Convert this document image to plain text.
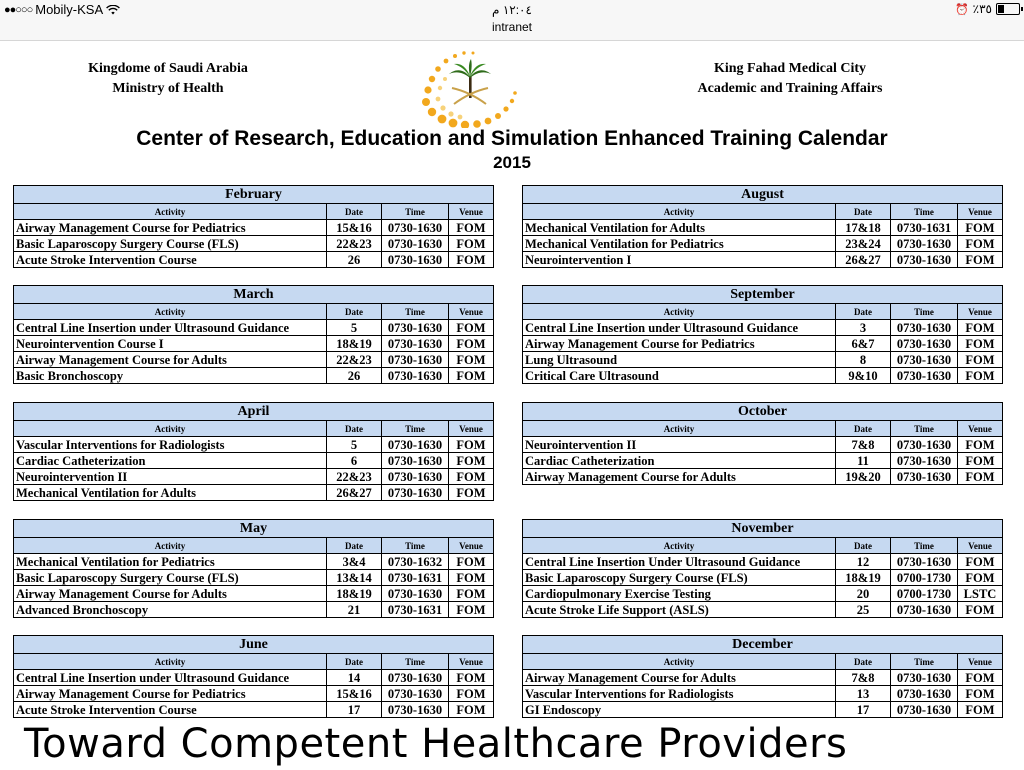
●●○○○ Mobily-KSA	١٢:٠٤ م
intranet
⏰ ٪٣٥
Kingdome of Saudi Arabia
Ministry of Health
King Fahad Medical City
Academic and Training Affairs
Center of Research, Education and Simulation Enhanced Training Calendar
2015
February			
Activity	Date	Time	Venue
Airway Management Course for Pediatrics	15&16	0730-1630	FOM
Basic Laparoscopy Surgery Course (FLS)	22&23	0730-1630	FOM
Acute Stroke Intervention Course	26	0730-1630	FOM
August			
Activity	Date	Time	Venue
Mechanical Ventilation for Adults	17&18	0730-1631	FOM
Mechanical Ventilation for Pediatrics	23&24	0730-1630	FOM
Neurointervention I	26&27	0730-1630	FOM
March			
Activity	Date	Time	Venue
Central Line Insertion under Ultrasound Guidance	5	0730-1630	FOM
Neurointervention Course I	18&19	0730-1630	FOM
Airway Management Course for Adults	22&23	0730-1630	FOM
Basic Bronchoscopy	26	0730-1630	FOM
September			
Activity	Date	Time	Venue
Central Line Insertion under Ultrasound Guidance	3	0730-1630	FOM
Airway Management Course for Pediatrics	6&7	0730-1630	FOM
Lung Ultrasound	8	0730-1630	FOM
Critical Care Ultrasound	9&10	0730-1630	FOM
April			
Activity	Date	Time	Venue
Vascular Interventions for Radiologists	5	0730-1630	FOM
Cardiac Catheterization	6	0730-1630	FOM
Neurointervention II	22&23	0730-1630	FOM
Mechanical Ventilation for Adults	26&27	0730-1630	FOM
October			
Activity	Date	Time	Venue
Neurointervention II	7&8	0730-1630	FOM
Cardiac Catheterization	11	0730-1630	FOM
Airway Management Course for Adults	19&20	0730-1630	FOM
May			
Activity	Date	Time	Venue
Mechanical Ventilation for Pediatrics	3&4	0730-1632	FOM
Basic Laparoscopy Surgery Course (FLS)	13&14	0730-1631	FOM
Airway Management Course for Adults	18&19	0730-1630	FOM
Advanced Bronchoscopy	21	0730-1631	FOM
November			
Activity	Date	Time	Venue
Central Line Insertion Under Ultrasound Guidance	12	0730-1630	FOM
Basic Laparoscopy Surgery Course (FLS)	18&19	0700-1730	FOM
Cardiopulmonary Exercise Testing	20	0700-1730	LSTC
Acute Stroke Life Support (ASLS)	25	0730-1630	FOM
June			
Activity	Date	Time	Venue
Central Line Insertion under Ultrasound Guidance	14	0730-1630	FOM
Airway Management Course for Pediatrics	15&16	0730-1630	FOM
Acute Stroke Intervention Course	17	0730-1630	FOM
December			
Activity	Date	Time	Venue
Airway Management Course for Adults	7&8	0730-1630	FOM
Vascular Interventions for Radiologists	13	0730-1630	FOM
GI Endoscopy	17	0730-1630	FOM
Toward Competent Healthcare Providers
